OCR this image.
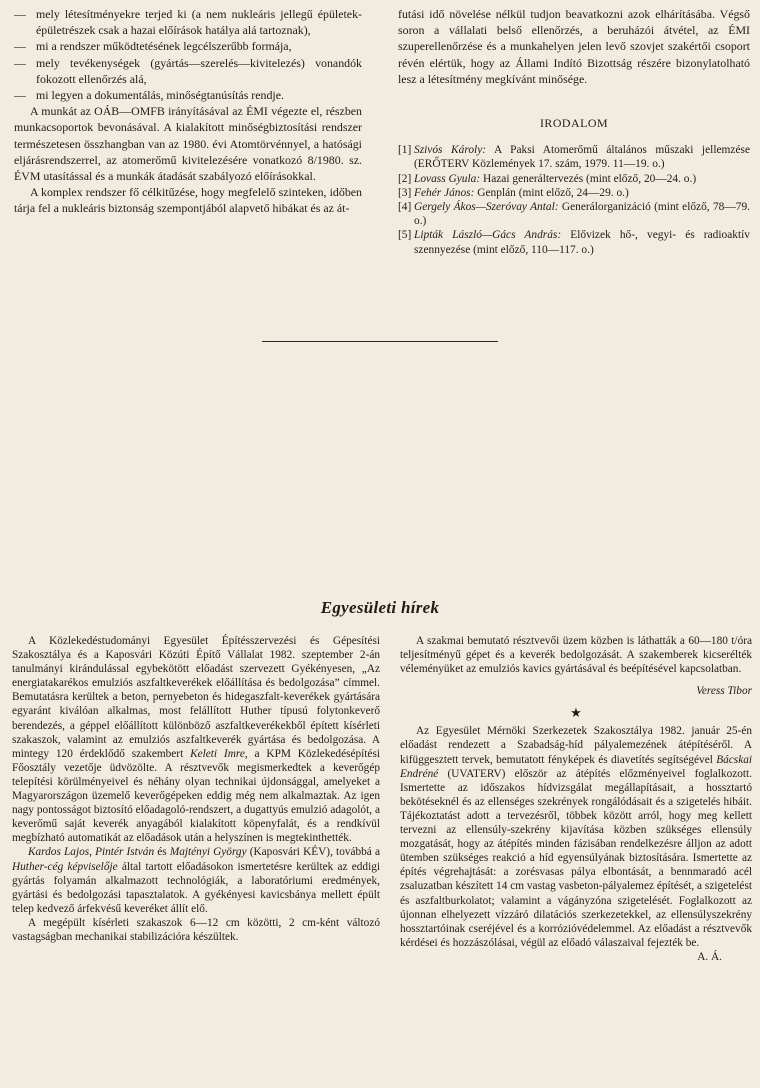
— mely létesítményekre terjed ki (a nem nukleáris jellegű épületek-épületrészek csak a hazai előírások hatálya alá tartoznak),
— mi a rendszer működtetésének legcélszerűbb formája,
— mely tevékenységek (gyártás—szerelés—kivitelezés) vonandók fokozott ellenőrzés alá,
— mi legyen a dokumentálás, minőségtanúsítás rendje.

A munkát az OÁB—OMFB irányításával az ÉMI végezte el, részben munkacsoportok bevonásával. A kialakított minőségbiztosítási rendszer természetesen összhangban van az 1980. évi Atomtörvénnyel, a hatósági eljárásrendszerrel, az atomerőmű kivitelezésére vonatkozó 8/1980. sz. ÉVM utasítással és a munkák átadását szabályozó előírásokkal.

A komplex rendszer fő célkitűzése, hogy megfelelő szinteken, időben tárja fel a nukleáris biztonság szempontjából alapvető hibákat és az át-

futási idő növelése nélkül tudjon beavatkozni azok elhárításába. Végső soron a vállalati belső ellenőrzés, a beruházói átvétel, az ÉMI szuperellenőrzése és a munkahelyen jelen levő szovjet szakértői csoport révén elértük, hogy az Állami Indító Bizottság részére bizonylatolható lesz a létesítmény megkívánt minősége.

IRODALOM

[1] Szivós Károly: A Paksi Atomerőmű általános műszaki jellemzése (ERŐTERV Közlemények 17. szám, 1979. 11—19. o.)
[2] Lovass Gyula: Hazai generáltervezés (mint előző, 20—24. o.)
[3] Fehér János: Genplán (mint előző, 24—29. o.)
[4] Gergely Ákos—Szeróvay Antal: Generálorganizáció (mint előző, 78—79. o.)
[5] Lipták László—Gács András: Elővizek hő-, vegyi- és radioaktív szennyezése (mint előző, 110—117. o.)
Egyesületi hírek

A Közlekedéstudományi Egyesület Építésszervezési és Gépesítési Szakosztálya és a Kaposvári Közúti Építő Vállalat 1982. szeptember 2-án tanulmányi kirándulással egybekötött előadást szervezett Gyékényesen, „Az energiatakarékos emulziós aszfaltkeverékek előállítása és bedolgozása” címmel. Bemutatásra kerültek a beton, pernyebeton és hidegaszfalt-keverékek gyártására egyaránt kiválóan alkalmas, most felállított Huther típusú folytonkeverő berendezés, a géppel előállított különböző aszfaltkeverékekből épített kísérleti szakaszok, valamint az emulziós aszfaltkeverék gyártása és bedolgozása. A mintegy 120 érdeklődő szakembert Keleti Imre, a KPM Közlekedésépítési Főosztály vezetője üdvözölte. A résztvevők megismerkedtek a keverőgép telepítési körülményeivel és néhány olyan technikai újdonsággal, amelyeket a Magyarországon üzemelő keverőgépeken eddig még nem alkalmaztak. Az igen nagy pontosságot biztosító előadagoló-rendszert, a dugattyús emulzió adagolót, a keverőmű saját keverék anyagából kialakított köpenyfalát, és a rendkívül megbízható automatikát az előadások után a helyszínen is megtekinthették.

Kardos Lajos, Pintér István és Majtényi György (Kaposvári KÉV), továbbá a Huther-cég képviselője által tartott előadásokon ismertetésre kerültek az eddigi gyártás folyamán alkalmazott technológiák, a laboratóriumi eredmények, gyártási és bedolgozási tapasztalatok. A gyékényesi kavicsbánya mellett épült telep kedvező árfekvésű keveréket állít elő.

A megépült kísérleti szakaszok 6—12 cm közötti, 2 cm-ként változó vastagságban mechanikai stabilizációra készültek.

A szakmai bemutató résztvevői üzem közben is láthatták a 60—180 t/óra teljesítményű gépet és a keverék bedolgozását. A szakemberek kicserélték véleményüket az emulziós kavics gyártásával és beépítésével kapcsolatban.

Veress Tibor

★

Az Egyesület Mérnöki Szerkezetek Szakosztálya 1982. január 25-én előadást rendezett a Szabadság-híd pályalemezének átépítéséről. A kifüggesztett tervek, bemutatott fényképek és diavetítés segítségével Bácskai Endréné (UVATERV) először az átépítés előzményeivel foglalkozott. Ismertette az időszakos hídvizsgálat megállapításait, a hossztartó bekötéseknél és az ellenséges szekrények rongálódásait és a szigetelés hibáit. Tájékoztatást adott a tervezésről, többek között arról, hogy meg kellett tervezni az ellensúly-szekrény kijavítása közben szükséges ellensúly mozgatását, hogy az átépítés minden fázisában rendelkezésre álljon az adott ütemben szükséges reakció a híd egyensúlyának biztosítására. Ismertette az építés végrehajtását: a zorésvasas pálya elbontását, a bennmaradó acél zsaluzatban készített 14 cm vastag vasbeton-pályalemez építését, a szigetelést és aszfaltburkolatot; valamint a vágányzóna szigetelését. Foglalkozott az újonnan elhelyezett vízzáró dilatációs szerkezetekkel, az ellensúlyszekrény hossztartóinak cseréjével és a korrózióvédelemmel. Az előadást a résztvevők kérdései és hozzászólásai, végül az előadó válaszaival fejezték be.

A. Á.
